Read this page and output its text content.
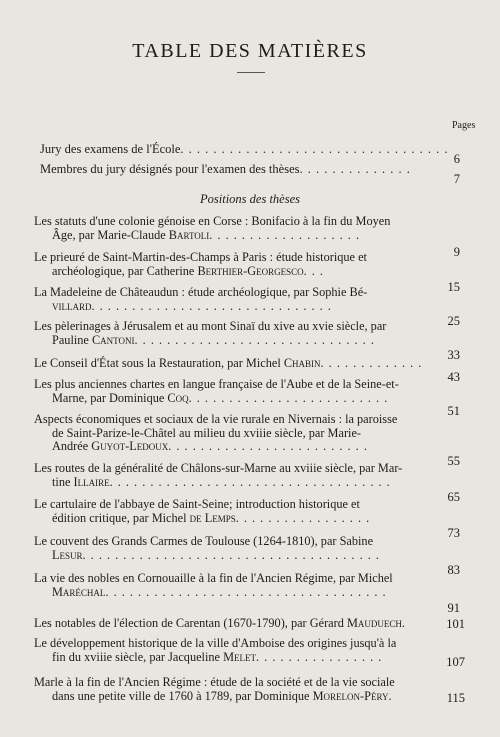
TABLE DES MATIÈRES
Pages
Jury des examens de l'École. . . . . . . . . . . . . . . . . . . . . . . . . . . . . . . . .
6
Membres du jury désignés pour l'examen des thèses. . . . . . . . . . . . . .
7
Positions des thèses
Les statuts d'une colonie génoise en Corse : Bonifacio à la fin du Moyen
Âge, par Marie-Claude Bartoli. . . . . . . . . . . . . . . . . . .
9
Le prieuré de Saint-Martin-des-Champs à Paris : étude historique et
archéologique, par Catherine Berthier-Georgesco. . .
15
La Madeleine de Châteaudun : étude archéologique, par Sophie Bé-
villard. . . . . . . . . . . . . . . . . . . . . . . . . . . . . .
25
Les pèlerinages à Jérusalem et au mont Sinaï du xive au xvie siècle, par
Pauline Cantoni. . . . . . . . . . . . . . . . . . . . . . . . . . . . . .
33
Le Conseil d'État sous la Restauration, par Michel Chabin. . . . . . . . . . . . .
43
Les plus anciennes chartes en langue française de l'Aube et de la Seine-et-
Marne, par Dominique Coq. . . . . . . . . . . . . . . . . . . . . . . . .
51
Aspects économiques et sociaux de la vie rurale en Nivernais : la paroisse
de Saint-Parize-le-Châtel au milieu du xviiie siècle, par Marie-
Andrée Guyot-Ledoux. . . . . . . . . . . . . . . . . . . . . . . . .
55
Les routes de la généralité de Châlons-sur-Marne au xviiie siècle, par Mar-
tine Illaire. . . . . . . . . . . . . . . . . . . . . . . . . . . . . . . . . . .
65
Le cartulaire de l'abbaye de Saint-Seine; introduction historique et
édition critique, par Michel de Lemps. . . . . . . . . . . . . . . . .
73
Le couvent des Grands Carmes de Toulouse (1264-1810), par Sabine
Lesur. . . . . . . . . . . . . . . . . . . . . . . . . . . . . . . . . . . . .
83
La vie des nobles en Cornouaille à la fin de l'Ancien Régime, par Michel
Maréchal. . . . . . . . . . . . . . . . . . . . . . . . . . . . . . . . . . .
91
Les notables de l'élection de Carentan (1670-1790), par Gérard Mauduech.	101
Le développement historique de la ville d'Amboise des origines jusqu'à la
fin du xviiie siècle, par Jacqueline Melet. . . . . . . . . . . . . . . .	107
Marle à la fin de l'Ancien Régime : étude de la société et de la vie sociale
dans une petite ville de 1760 à 1789, par Dominique Morelon-Péry.	115
